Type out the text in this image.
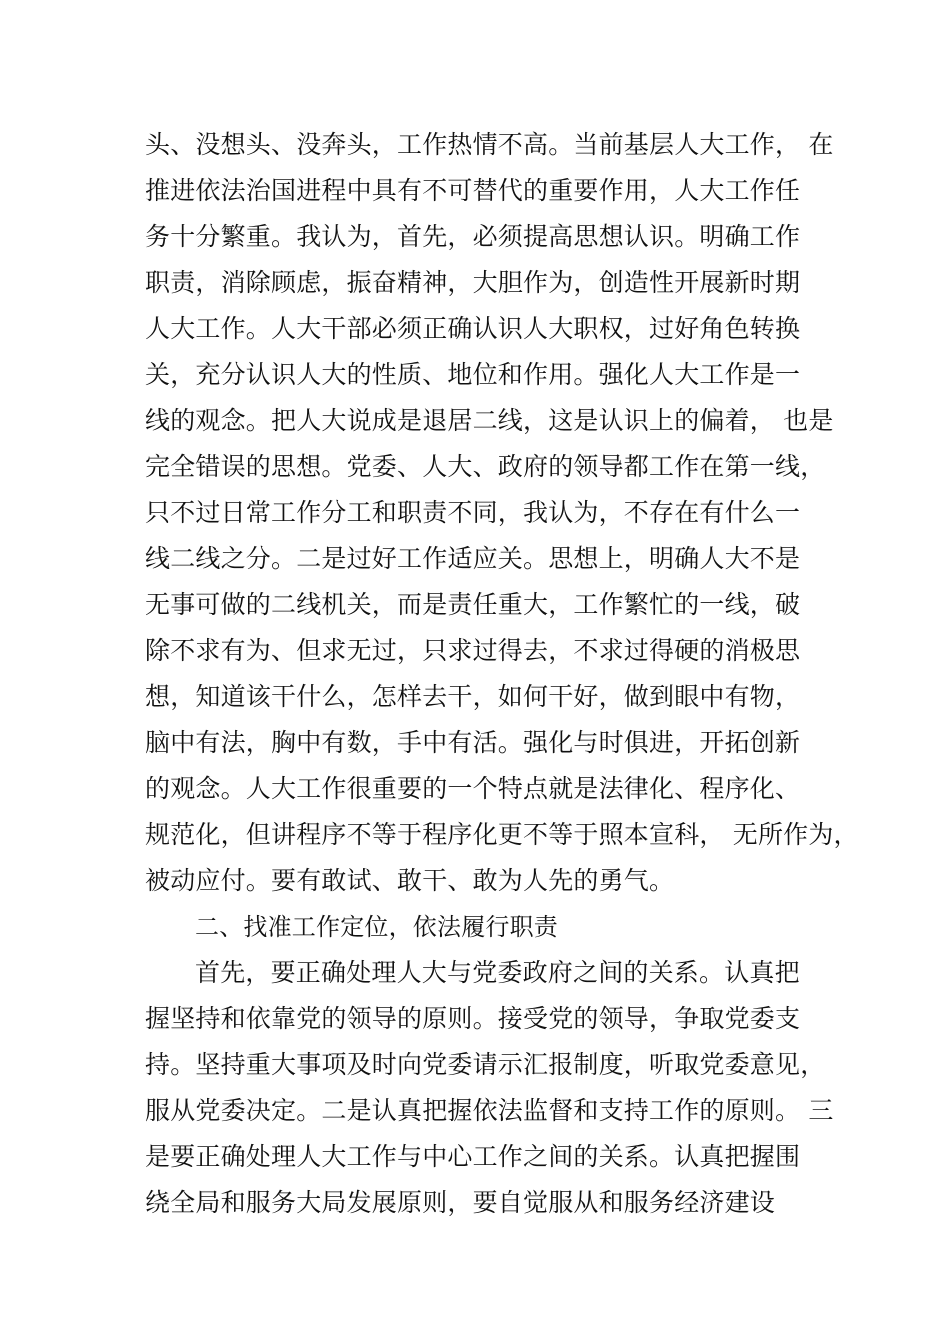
头、没想头、没奔头，工作热情不高。当前基层人大工作， 在
推进依法治国进程中具有不可替代的重要作用，人大工作任
务十分繁重。我认为，首先，必须提高思想认识。明确工作
职责，消除顾虑，振奋精神，大胆作为，创造性开展新时期
人大工作。人大干部必须正确认识人大职权，过好角色转换
关，充分认识人大的性质、地位和作用。强化人大工作是一
线的观念。把人大说成是退居二线，这是认识上的偏着， 也是
完全错误的思想。党委、人大、政府的领导都工作在第一线，
只不过日常工作分工和职责不同，我认为，不存在有什么一
线二线之分。二是过好工作适应关。思想上，明确人大不是
无事可做的二线机关，而是责任重大，工作繁忙的一线，破
除不求有为、但求无过，只求过得去，不求过得硬的消极思
想，知道该干什么，怎样去干，如何干好，做到眼中有物，
脑中有法，胸中有数，手中有活。强化与时俱进，开拓创新
的观念。人大工作很重要的一个特点就是法律化、程序化、
规范化，但讲程序不等于程序化更不等于照本宣科， 无所作为，
被动应付。要有敢试、敢干、敢为人先的勇气。
二、找准工作定位，依法履行职责
首先，要正确处理人大与党委政府之间的关系。认真把
握坚持和依靠党的领导的原则。接受党的领导，争取党委支
持。坚持重大事项及时向党委请示汇报制度，听取党委意见，
服从党委决定。二是认真把握依法监督和支持工作的原则。 三
是要正确处理人大工作与中心工作之间的关系。认真把握围
绕全局和服务大局发展原则，要自觉服从和服务经济建设
